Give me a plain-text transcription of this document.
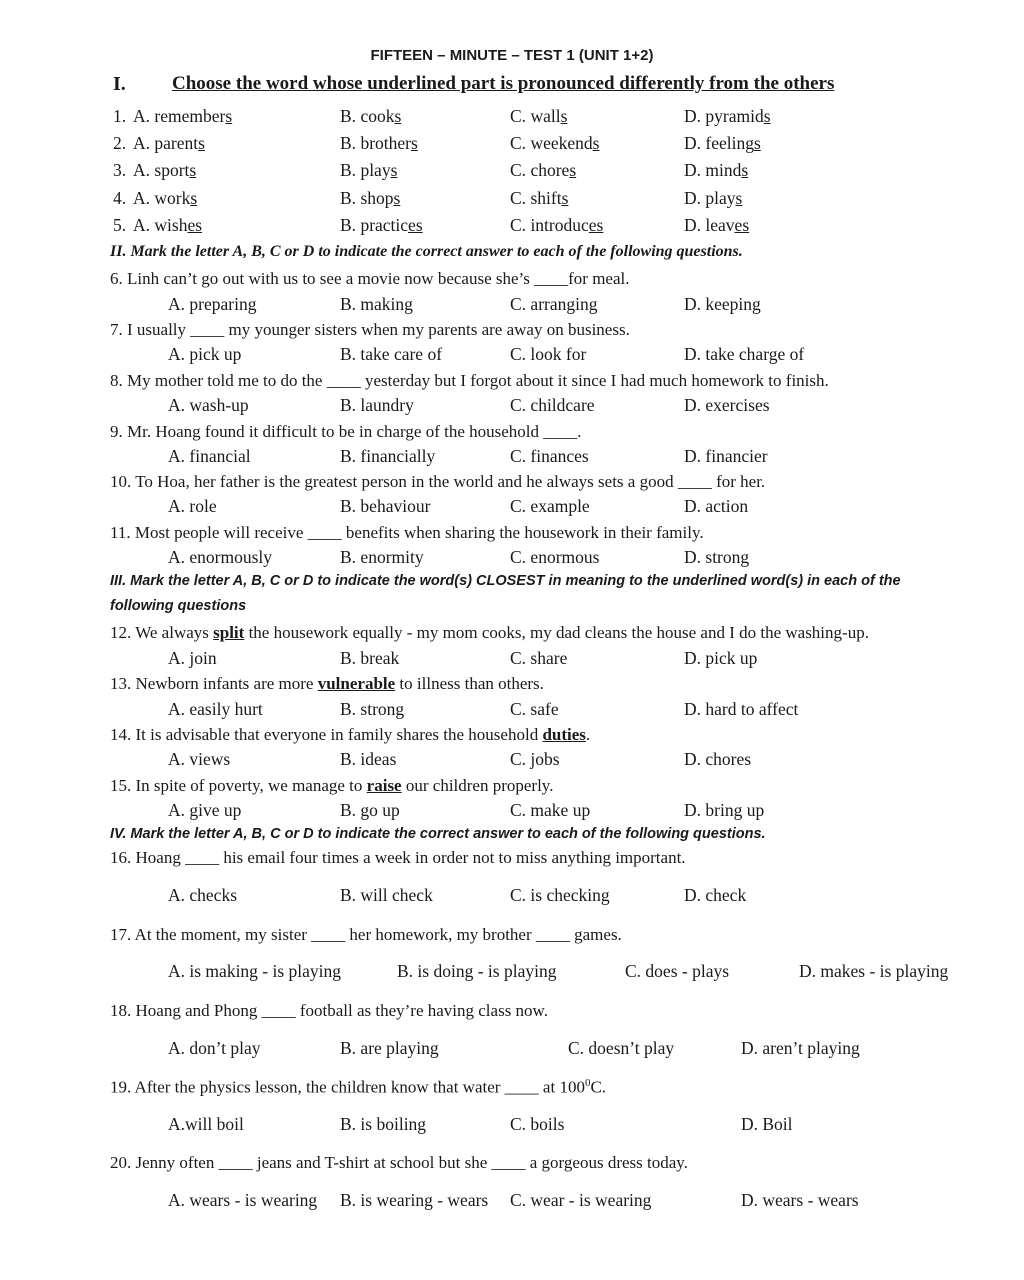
FIFTEEN – MINUTE – TEST 1 (UNIT 1+2)
I. Choose the word whose underlined part is pronounced differently from the others
1. A. remembers	B. cooks	C. walls	D. pyramids
2. A. parents	B. brothers	C. weekends	D. feelings
3. A. sports	B. plays	C. chores	D. minds
4. A. works	B. shops	C. shifts	D. plays
5. A. wishes	B. practices	C. introduces	D. leaves
II. Mark the letter A, B, C or D to indicate the correct answer to each of the following questions.
6. Linh can’t go out with us to see a movie now because she’s ____for meal.
A. preparing	B. making	C. arranging	D. keeping
7. I usually ____ my younger sisters when my parents are away on business.
A. pick up	B. take care of	C. look for	D. take charge of
8. My mother told me to do the ____ yesterday but I forgot about it since I had much homework to finish.
A. wash-up	B. laundry	C. childcare	D. exercises
9. Mr. Hoang found it difficult to be in charge of the household ____.
A. financial	B. financially	C. finances	D. financier
10. To Hoa, her father is the greatest person in the world and he always sets a good ____ for her.
A. role	B. behaviour	C. example	D. action
11. Most people will receive ____ benefits when sharing the housework in their family.
A. enormously	B. enormity	C. enormous	D. strong
III. Mark the letter A, B, C or D to indicate the word(s) CLOSEST in meaning to the underlined word(s) in each of the
following questions
12. We always split the housework equally - my mom cooks, my dad cleans the house and I do the washing-up.
A. join	B. break	C. share	D. pick up
13. Newborn infants are more vulnerable to illness than others.
A. easily hurt	B. strong	C. safe	D. hard to affect
14. It is advisable that everyone in family shares the household duties.
A. views	B. ideas	C. jobs	D. chores
15. In spite of poverty, we manage to raise our children properly.
A. give up	B. go up	C. make up	D. bring up
IV. Mark the letter A, B, C or D to indicate the correct answer to each of the following questions.
16. Hoang ____ his email four times a week in order not to miss anything important.
A. checks	B. will check	C. is checking	D. check
17. At the moment, my sister ____ her homework, my brother ____ games.
A. is making - is playing	B. is doing - is playing	C. does - plays	D. makes - is playing
18. Hoang and Phong ____ football as they’re having class now.
A. don’t play	B. are playing	C. doesn’t play	D. aren’t playing
19. After the physics lesson, the children know that water ____ at $100^0C$.
A.will boil	B. is boiling	C. boils	D. Boil
20. Jenny often ____ jeans and T-shirt at school but she ____ a gorgeous dress today.
A. wears - is wearing B. is wearing - wears C. wear - is wearing	D. wears - wears
